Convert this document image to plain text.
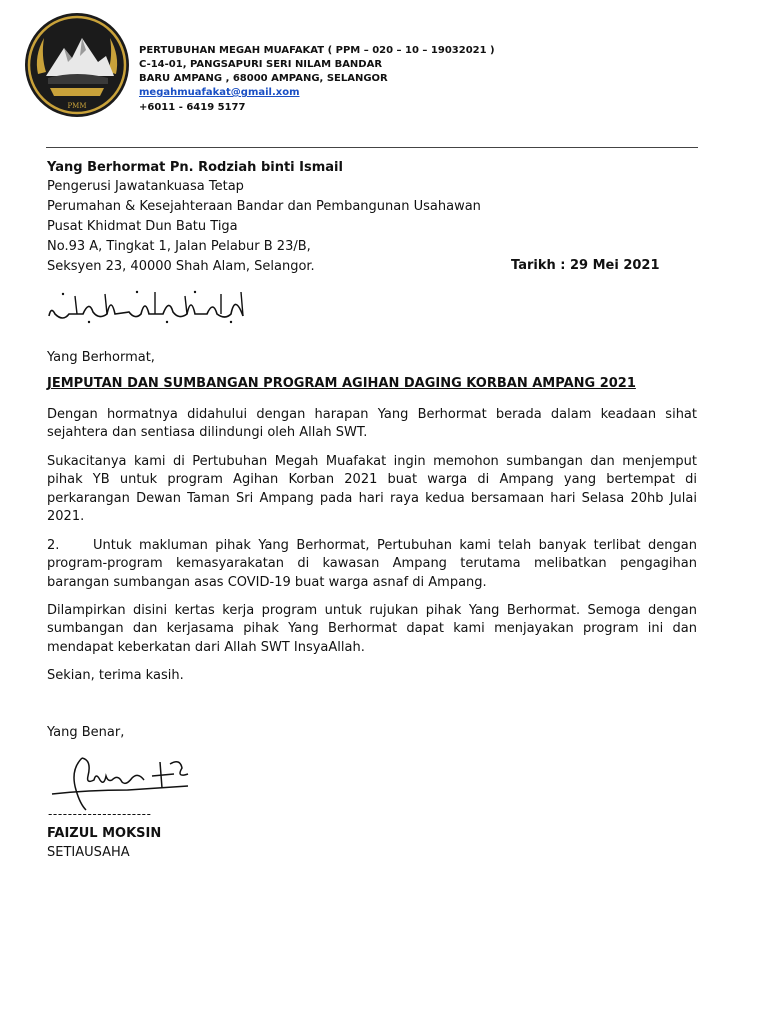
PMM
PERTUBUHAN MEGAH MUAFAKAT ( PPM – 020 – 10 – 19032021 )
C-14-01, PANGSAPURI SERI NILAM BANDAR
BARU AMPANG , 68000 AMPANG, SELANGOR
megahmuafakat@gmail.xom
+6011 - 6419 5177
Yang Berhormat Pn. Rodziah binti Ismail
Pengerusi Jawatankuasa Tetap
Perumahan & Kesejahteraan Bandar dan Pembangunan Usahawan
Pusat Khidmat Dun Batu Tiga
No.93 A, Tingkat 1, Jalan Pelabur B 23/B,
Seksyen 23, 40000 Shah Alam, Selangor.	Tarikh : 29 Mei 2021
Yang Berhormat,
JEMPUTAN DAN SUMBANGAN PROGRAM AGIHAN DAGING KORBAN AMPANG 2021

Dengan hormatnya didahului dengan harapan Yang Berhormat berada dalam keadaan sihat sejahtera dan sentiasa dilindungi oleh Allah SWT.

Sukacitanya kami di Pertubuhan Megah Muafakat ingin memohon sumbangan dan menjemput pihak YB untuk program Agihan Korban 2021 buat warga di Ampang yang bertempat di perkarangan Dewan Taman Sri Ampang pada hari raya kedua bersamaan hari Selasa 20hb Julai 2021.

2.	Untuk makluman pihak Yang Berhormat, Pertubuhan kami telah banyak terlibat dengan program-program kemasyarakatan di kawasan Ampang terutama melibatkan pengagihan barangan sumbangan asas COVID-19 buat warga asnaf di Ampang.

Dilampirkan disini kertas kerja program untuk rujukan pihak Yang Berhormat. Semoga dengan sumbangan dan kerjasama pihak Yang Berhormat dapat kami menjayakan program ini dan mendapat keberkatan dari Allah SWT InsyaAllah.

Sekian, terima kasih.
Yang Benar,
---------------------
FAIZUL MOKSIN
SETIAUSAHA
